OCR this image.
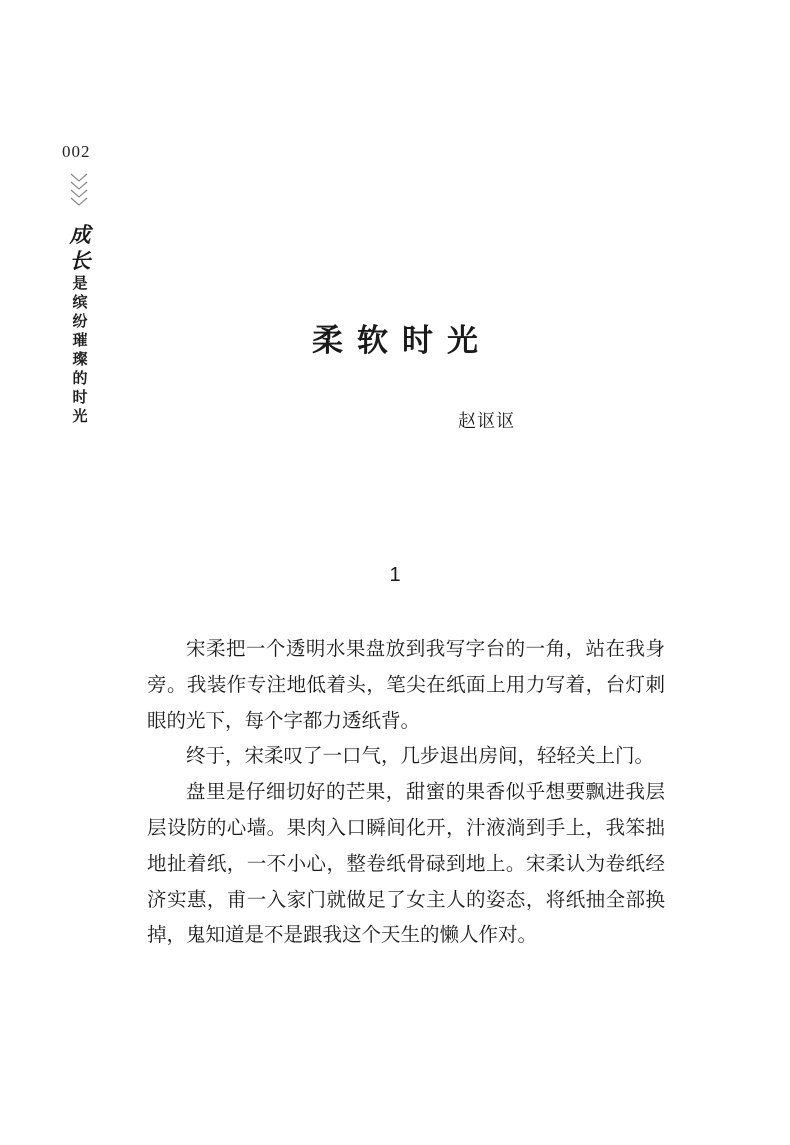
002
成
长
是
缤
纷
璀
璨
的
时
光
柔软时光
赵讴讴
1

宋柔把一个透明水果盘放到我写字台的一角，站在我身旁。我装作专注地低着头，笔尖在纸面上用力写着，台灯刺眼的光下，每个字都力透纸背。

终于，宋柔叹了一口气，几步退出房间，轻轻关上门。

盘里是仔细切好的芒果，甜蜜的果香似乎想要飘进我层层设防的心墙。果肉入口瞬间化开，汁液淌到手上，我笨拙地扯着纸，一不小心，整卷纸骨碌到地上。宋柔认为卷纸经济实惠，甫一入家门就做足了女主人的姿态，将纸抽全部换掉，鬼知道是不是跟我这个天生的懒人作对。
